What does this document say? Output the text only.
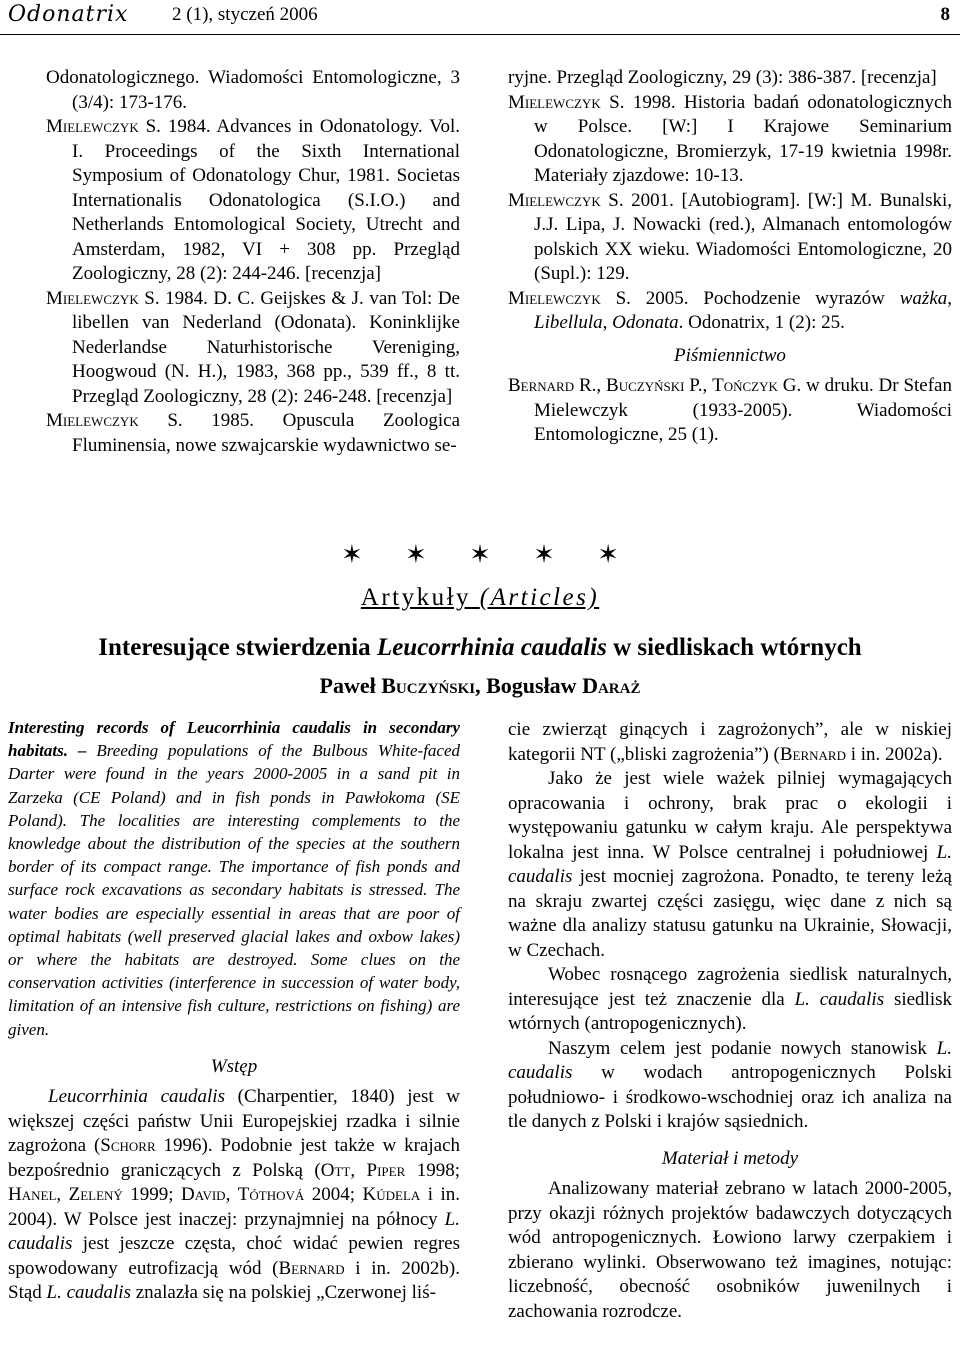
Odonatrix 2 (1), styczeń 2006	8

Odonatologicznego. Wiadomości Entomologiczne, 3 (3/4): 173-176.

Mielewczyk S. 1984. Advances in Odonatology. Vol. I. Proceedings of the Sixth International Symposium of Odonatology Chur, 1981. Societas Internationalis Odonatologica (S.I.O.) and Netherlands Entomological Society, Utrecht and Amsterdam, 1982, VI + 308 pp. Przegląd Zoologiczny, 28 (2): 244-246. [recenzja]

Mielewczyk S. 1984. D. C. Geijskes & J. van Tol: De libellen van Nederland (Odonata). Koninklijke Nederlandse Naturhistorische Vereniging, Hoogwoud (N. H.), 1983, 368 pp., 539 ff., 8 tt. Przegląd Zoologiczny, 28 (2): 246-248. [recenzja]

Mielewczyk S. 1985. Opuscula Zoologica Fluminensia, nowe szwajcarskie wydawnictwo se-

ryjne. Przegląd Zoologiczny, 29 (3): 386-387. [recenzja]

Mielewczyk S. 1998. Historia badań odonatologicznych w Polsce. [W:] I Krajowe Seminarium Odonatologiczne, Bromierzyk, 17-19 kwietnia 1998r. Materiały zjazdowe: 10-13.

Mielewczyk S. 2001. [Autobiogram]. [W:] M. Bunalski, J.J. Lipa, J. Nowacki (red.), Almanach entomologów polskich XX wieku. Wiadomości Entomologiczne, 20 (Supl.): 129.

Mielewczyk S. 2005. Pochodzenie wyrazów ważka, Libellula, Odonata. Odonatrix, 1 (2): 25.

Piśmiennictwo

Bernard R., Buczyński P., Tończyk G. w druku. Dr Stefan Mielewczyk (1933-2005). Wiadomości Entomologiczne, 25 (1).

✶ ✶ ✶ ✶ ✶
Artykuły (Articles)
Interesujące stwierdzenia Leucorrhinia caudalis w siedliskach wtórnych
Paweł Buczyński, Bogusław Daraż

Interesting records of Leucorrhinia caudalis in secondary habitats. – Breeding populations of the Bulbous White-faced Darter were found in the years 2000-2005 in a sand pit in Zarzeka (CE Poland) and in fish ponds in Pawłokoma (SE Poland). The localities are interesting complements to the knowledge about the distribution of the species at the southern border of its compact range. The importance of fish ponds and surface rock excavations as secondary habitats is stressed. The water bodies are especially essential in areas that are poor of optimal habitats (well preserved glacial lakes and oxbow lakes) or where the habitats are destroyed. Some clues on the conservation activities (interference in succession of water body, limitation of an intensive fish culture, restrictions on fishing) are given.

Wstęp

Leucorrhinia caudalis (Charpentier, 1840) jest w większej części państw Unii Europejskiej rzadka i silnie zagrożona (Schorr 1996). Podobnie jest także w krajach bezpośrednio graniczących z Polską (Ott, Piper 1998; Hanel, Zelený 1999; David, Tóthová 2004; Kúdela i in. 2004). W Polsce jest inaczej: przynajmniej na północy L. caudalis jest jeszcze częsta, choć widać pewien regres spowodowany eutrofizacją wód (Bernard i in. 2002b). Stąd L. caudalis znalazła się na polskiej „Czerwonej liś-

cie zwierząt ginących i zagrożonych”, ale w niskiej kategorii NT („bliski zagrożenia”) (Bernard i in. 2002a).

Jako że jest wiele ważek pilniej wymagających opracowania i ochrony, brak prac o ekologii i występowaniu gatunku w całym kraju. Ale perspektywa lokalna jest inna. W Polsce centralnej i południowej L. caudalis jest mocniej zagrożona. Ponadto, te tereny leżą na skraju zwartej części zasięgu, więc dane z nich są ważne dla analizy statusu gatunku na Ukrainie, Słowacji, w Czechach.

Wobec rosnącego zagrożenia siedlisk naturalnych, interesujące jest też znaczenie dla L. caudalis siedlisk wtórnych (antropogenicznych).

Naszym celem jest podanie nowych stanowisk L. caudalis w wodach antropogenicznych Polski południowo- i środkowo-wschodniej oraz ich analiza na tle danych z Polski i krajów sąsiednich.

Materiał i metody

Analizowany materiał zebrano w latach 2000-2005, przy okazji różnych projektów badawczych dotyczących wód antropogenicznych. Łowiono larwy czerpakiem i zbierano wylinki. Obserwowano też imagines, notując: liczebność, obecność osobników juwenilnych i zachowania rozrodcze.
